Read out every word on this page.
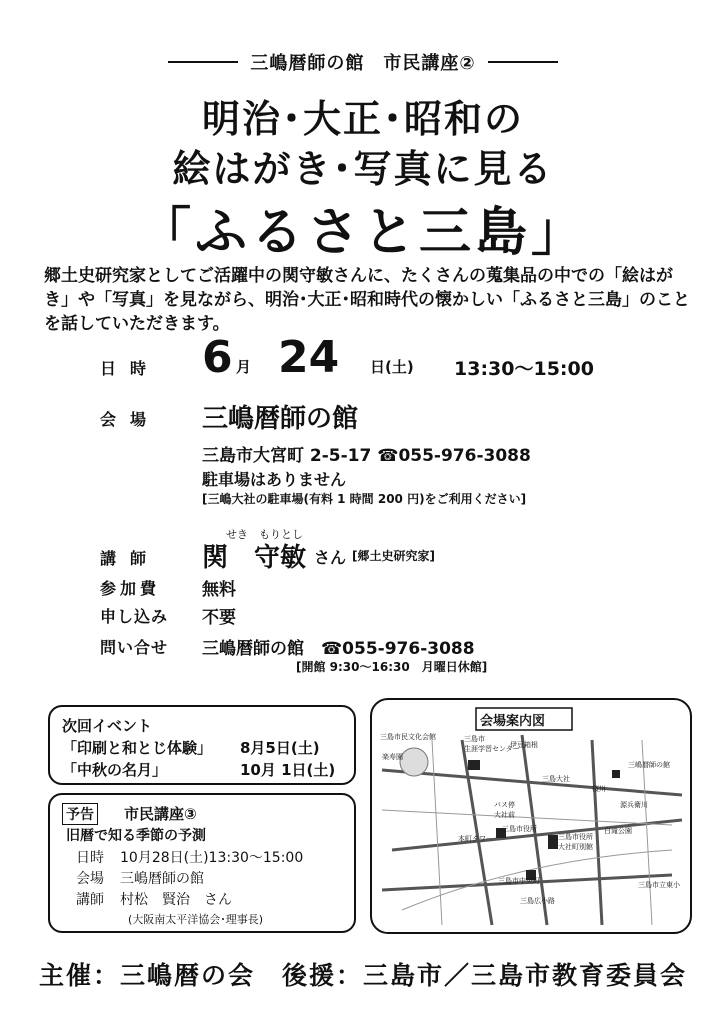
三嶋暦師の館　市民講座②
明治･大正･昭和の
絵はがき･写真に見る
「ふるさと三島」
郷土史研究家としてご活躍中の関守敏さんに、たくさんの蒐集品の中での「絵はがき」や「写真」を見ながら、明治･大正･昭和時代の懐かしい「ふるさと三島」のことを話していただきます。
日時 6 月 24 日(土) 13:30～15:00
会場 三嶋暦師の館
三島市大宮町 2-5-17 ☎055-976-3088
駐車場はありません
[三嶋大社の駐車場(有料 1 時間 200 円)をご利用ください]
せき　もりとし
講師 関　守敏 さん [郷土史研究家]
参加費 無料
申し込み 不要
問い合せ 三嶋暦師の館　☎055-976-3088
[開館 9:30～16:30　月曜日休館]
次回イベント
「印刷と和とじ体験」 8月5日(土)
「中秋の名月」	10月 1日(土)
予告 市民講座③
旧暦で知る季節の予測
日時	10月28日(土)13:30～15:00
会場 三嶋暦師の館
講師 村松　賢治　さん
(大阪南太平洋協会･理事長)
会場案内図
三島市民文化会館	三島市
生涯学習センター
楽寿園
伊豆箱根
三島大社
三嶋暦師の館
バス停
大社前
三島市役所
本町タワー	三島市役所
大社町別館
三島市立東小
源兵衛川
桜川
白滝公園
三島市中央町
三島広小路
主催：三嶋暦の会　後援：三島市／三島市教育委員会
